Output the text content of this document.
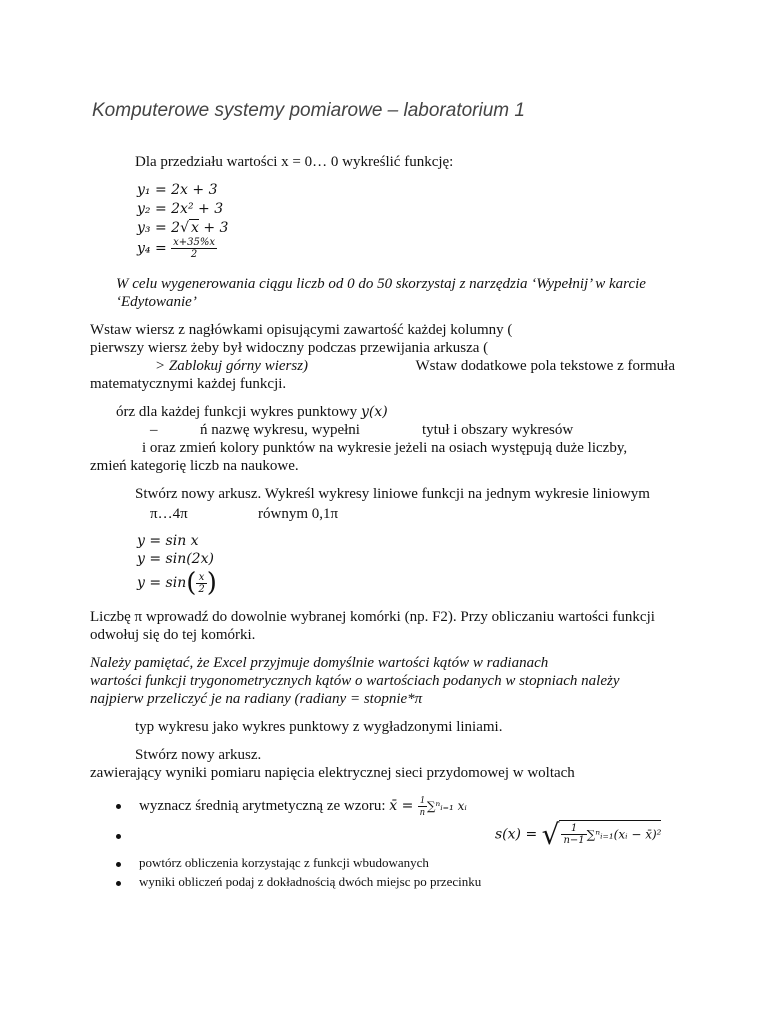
Komputerowe systemy pomiarowe – laboratorium 1
Dla przedziału wartości x = 0… 0 wykreślić funkcję:
y₁ = 2x + 3
y₂ = 2x² + 3
y₃ = 2√ x + 3
$y_4 = \frac{x+35\%x}{2}$
W celu wygenerowania ciągu liczb od 0 do 50 skorzystaj z narzędzia ‘Wypełnij’ w karcie
‘Edytowanie’
Wstaw wiersz z nagłówkami opisującymi zawartość każdej kolumny (
pierwszy wiersz żeby był widoczny podczas przewijania arkusza (
> Zablokuj górny wiersz)	Wstaw dodatkowe pola tekstowe z formuła
matematycznymi każdej funkcji.
órz dla każdej funkcji wykres punktowy y(x)
–	ń nazwę wykresu, wypełni	tytuł i obszary wykresów
i oraz zmień kolory punktów na wykresie jeżeli na osiach występują duże liczby,
zmień kategorię liczb na naukowe.
Stwórz nowy arkusz. Wykreśl wykresy liniowe funkcji na jednym wykresie liniowym
π…4π	równym 0,1π
y = sin x
y = sin(2x)
$y = \sin( \frac{x}{2}$ )
Liczbę π wprowadź do dowolnie wybranej komórki (np. F2). Przy obliczaniu wartości funkcji
odwołuj się do tej komórki.
Należy pamiętać, że Excel przyjmuje domyślnie wartości kątów w radianach
wartości funkcji trygonometrycznych kątów o wartościach podanych w stopniach należy
najpierw przeliczyć je na radiany (radiany = stopnie*π
typ wykresu jako wykres punktowy z wygładzonymi liniami.
Stwórz nowy arkusz.
zawierający wyniki pomiaru napięcia elektrycznej sieci przydomowej w woltach
wyznacz średnią arytmetyczną ze wzoru: x̄ = $\frac{1}{n}$ ∑ⁿᵢ₌₁ xᵢ
s(x) = √ $\frac{1}{n-1}$ ∑ⁿᵢ₌₁(xᵢ − x̄)²
powtórz obliczenia korzystając z funkcji wbudowanych
wyniki obliczeń podaj z dokładnością dwóch miejsc po przecinku
